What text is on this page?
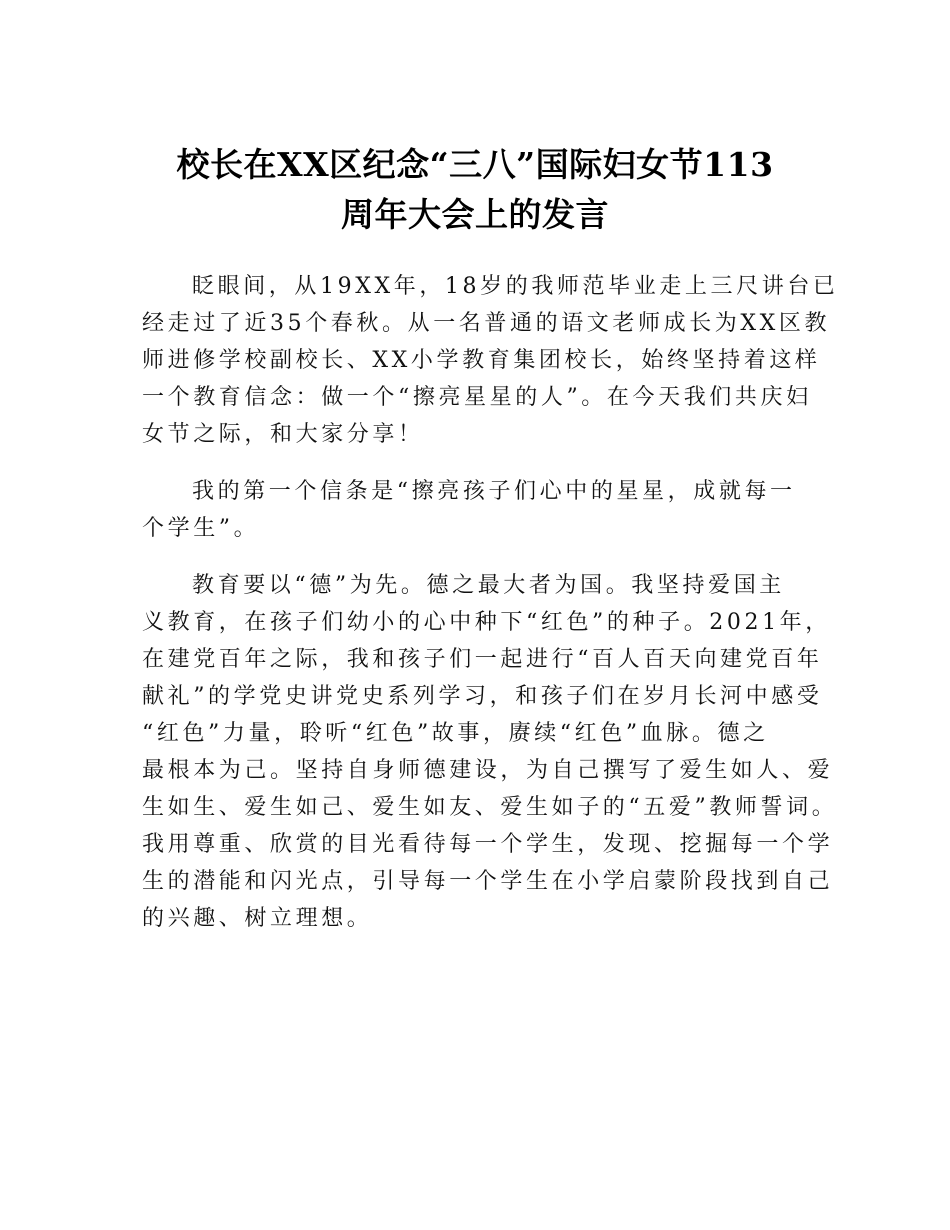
校长在XX区纪念“三八”国际妇女节113
周年大会上的发言
眨眼间，从19XX年，18岁的我师范毕业走上三尺讲台已
经走过了近35个春秋。从一名普通的语文老师成长为XX区教
师进修学校副校长、XX小学教育集团校长，始终坚持着这样
一个教育信念：做一个“擦亮星星的人”。在今天我们共庆妇
女节之际，和大家分享！
我的第一个信条是“擦亮孩子们心中的星星，成就每一
个学生”。
教育要以“德”为先。德之最大者为国。我坚持爱国主
义教育，在孩子们幼小的心中种下“红色”的种子。2021年，
在建党百年之际，我和孩子们一起进行“百人百天向建党百年
献礼”的学党史讲党史系列学习，和孩子们在岁月长河中感受
“红色”力量，聆听“红色”故事，赓续“红色”血脉。德之
最根本为己。坚持自身师德建设，为自己撰写了爱生如人、爱
生如生、爱生如己、爱生如友、爱生如子的“五爱”教师誓词。
我用尊重、欣赏的目光看待每一个学生，发现、挖掘每一个学
生的潜能和闪光点，引导每一个学生在小学启蒙阶段找到自己
的兴趣、树立理想。
